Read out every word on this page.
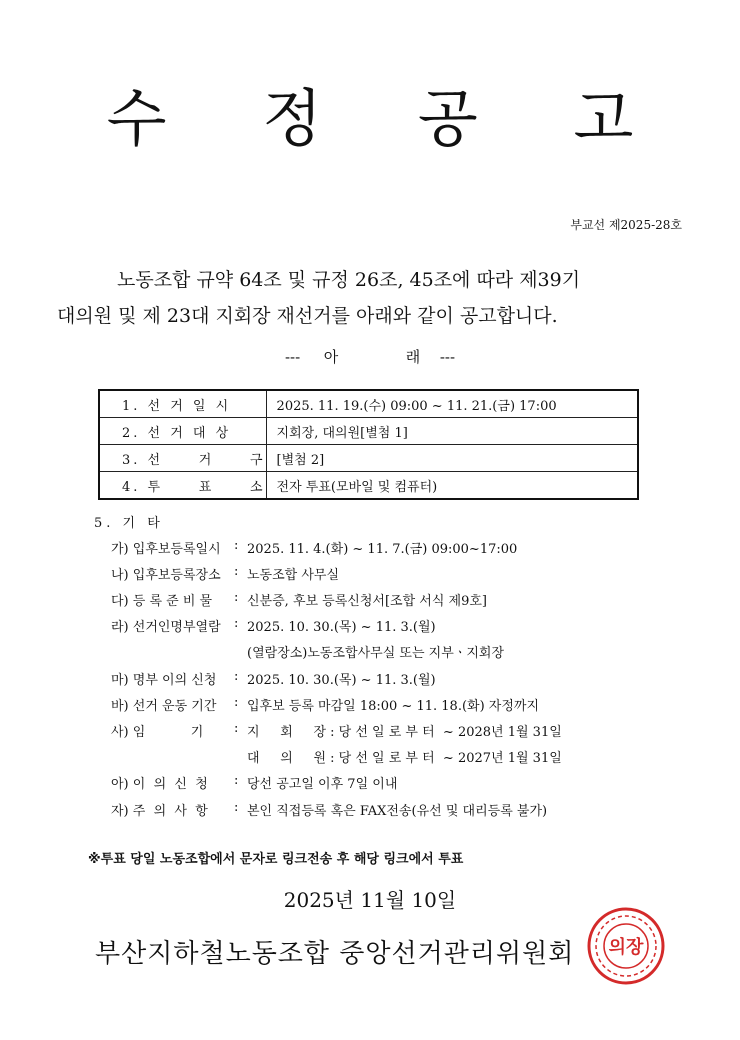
수 정 공 고
부교선 제2025-28호
노동조합 규약 64조 및 규정 26조, 45조에 따라 제39기
대의원 및 제 23대 지회장 재선거를 아래와 같이 공고합니다.
--- 아	래 ---
1. 선 거 일 시	2025. 11. 19.(수) 09:00 ~ 11. 21.(금) 17:00
2. 선 거 대 상	지회장, 대의원[별첨 1]
3. 선     거     구	[별첨 2]
4. 투     표     소	전자 투표(모바일 및 컴퓨터)
5. 기 타
가) 입후보등록일시 : 2025. 11. 4.(화) ~ 11. 7.(금) 09:00~17:00
나) 입후보등록장소 : 노동조합 사무실
다) 등 록 준 비 물 : 신분증, 후보 등록신청서[조합 서식 제9호]
라) 선거인명부열람 : 2025. 10. 30.(목) ~ 11. 3.(월)
(열람장소)노동조합사무실 또는 지부ㆍ지회장
마) 명부 이의 신청 : 2025. 10. 30.(목) ~ 11. 3.(월)
바) 선거 운동 기간 : 입후보 등록 마감일 18:00 ~ 11. 18.(화) 자정까지
사) 임           기 : 지     회     장 : 당 선 일 로 부 터  ~ 2028년 1월 31일
대     의     원 : 당 선 일 로 부 터  ~ 2027년 1월 31일
아) 이  의  신  청 : 당선 공고일 이후 7일 이내
자) 주  의  사  항 : 본인 직접등록 혹은 FAX전송(유선 및 대리등록 불가)
※투표 당일 노동조합에서 문자로 링크전송 후 해당 링크에서 투표
2025년 11월 10일
부산지하철노동조합 중앙선거관리위원회 의장
